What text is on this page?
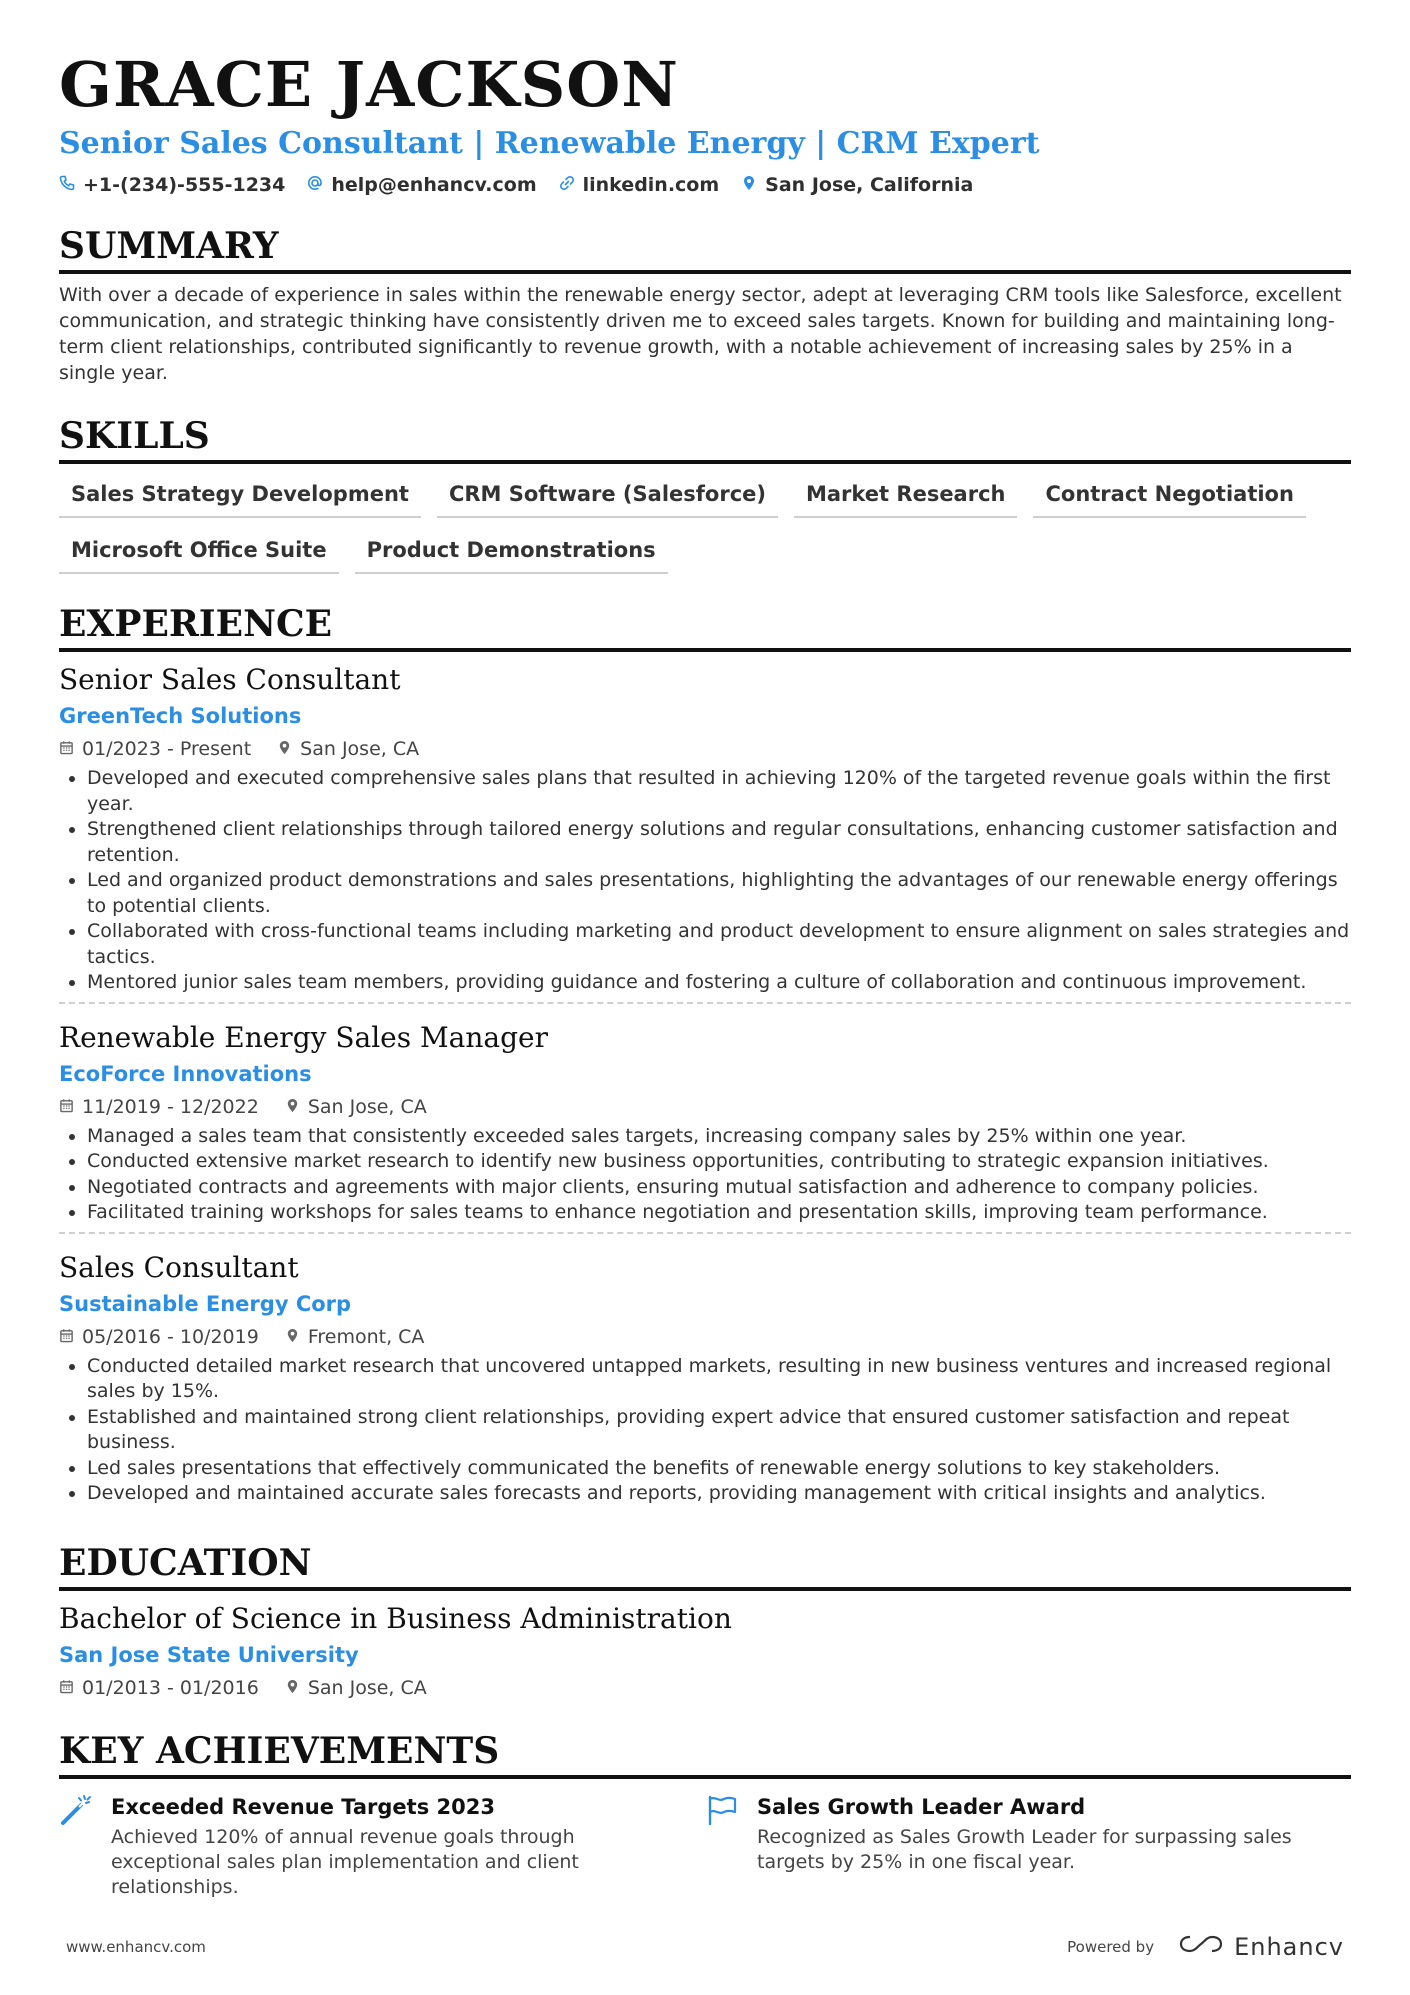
GRACE JACKSON
Senior Sales Consultant | Renewable Energy | CRM Expert
+1-(234)-555-1234 help@enhancv.com linkedin.com San Jose, California
SUMMARY
With over a decade of experience in sales within the renewable energy sector, adept at leveraging CRM tools like Salesforce, excellent communication, and strategic thinking have consistently driven me to exceed sales targets. Known for building and maintaining long-term client relationships, contributed significantly to revenue growth, with a notable achievement of increasing sales by 25% in a single year.
SKILLS
Sales Strategy Development	CRM Software (Salesforce)	Market Research	Contract Negotiation
Microsoft Office Suite	Product Demonstrations
EXPERIENCE
Senior Sales Consultant
GreenTech Solutions
01/2023 - Present	San Jose, CA
• Developed and executed comprehensive sales plans that resulted in achieving 120% of the targeted revenue goals within the first year.
• Strengthened client relationships through tailored energy solutions and regular consultations, enhancing customer satisfaction and retention.
• Led and organized product demonstrations and sales presentations, highlighting the advantages of our renewable energy offerings to potential clients.
• Collaborated with cross-functional teams including marketing and product development to ensure alignment on sales strategies and tactics.
• Mentored junior sales team members, providing guidance and fostering a culture of collaboration and continuous improvement.
Renewable Energy Sales Manager
EcoForce Innovations
11/2019 - 12/2022	San Jose, CA
• Managed a sales team that consistently exceeded sales targets, increasing company sales by 25% within one year.
• Conducted extensive market research to identify new business opportunities, contributing to strategic expansion initiatives.
• Negotiated contracts and agreements with major clients, ensuring mutual satisfaction and adherence to company policies.
• Facilitated training workshops for sales teams to enhance negotiation and presentation skills, improving team performance.
Sales Consultant
Sustainable Energy Corp
05/2016 - 10/2019	Fremont, CA
• Conducted detailed market research that uncovered untapped markets, resulting in new business ventures and increased regional sales by 15%.
• Established and maintained strong client relationships, providing expert advice that ensured customer satisfaction and repeat business.
• Led sales presentations that effectively communicated the benefits of renewable energy solutions to key stakeholders.
• Developed and maintained accurate sales forecasts and reports, providing management with critical insights and analytics.
EDUCATION
Bachelor of Science in Business Administration
San Jose State University
01/2013 - 01/2016	San Jose, CA
KEY ACHIEVEMENTS
Exceeded Revenue Targets 2023
Achieved 120% of annual revenue goals through exceptional sales plan implementation and client relationships.
Sales Growth Leader Award
Recognized as Sales Growth Leader for surpassing sales targets by 25% in one fiscal year.
www.enhancv.com	Powered by	Enhancv
